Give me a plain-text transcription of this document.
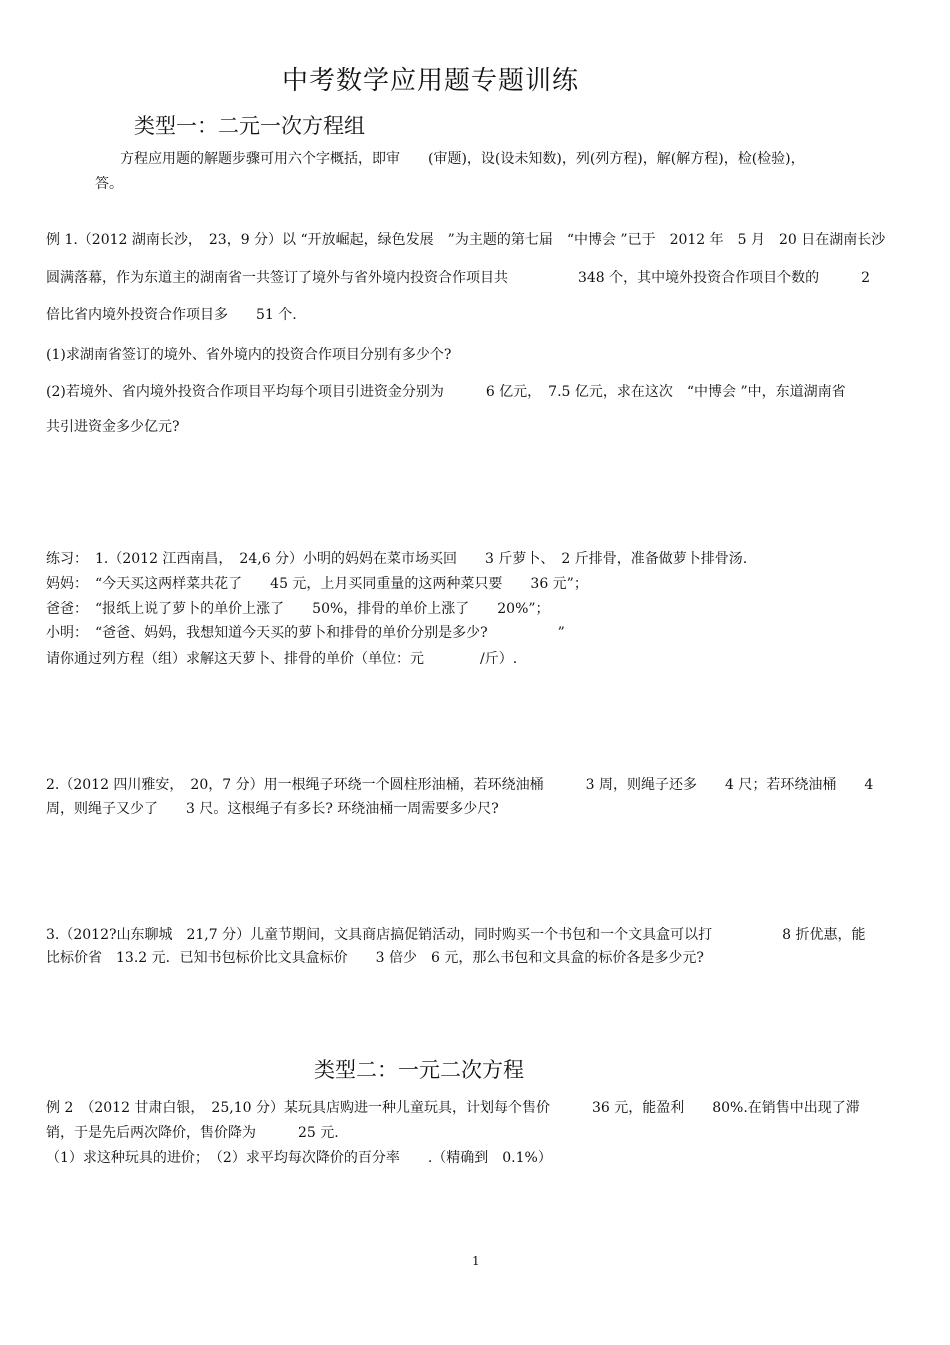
中考数学应用题专题训练
类型一：二元一次方程组
方程应用题的解题步骤可用六个字概括，即审　　(审题)，设(设未知数)，列(列方程)，解(解方程)，检(检验)，
答。
例 1.（2012 湖南长沙，　23，9 分）以 “开放崛起，绿色发展　”为主题的第七届　“中博会 ”已于　2012 年　5 月　20 日在湖南长沙
圆满落幕，作为东道主的湖南省一共签订了境外与省外境内投资合作项目共　　　　　348 个，其中境外投资合作项目个数的　　　2
倍比省内境外投资合作项目多　　51 个.
(1)求湖南省签订的境外、省外境内的投资合作项目分别有多少个?
(2)若境外、省内境外投资合作项目平均每个项目引进资金分别为　　　6 亿元，　7.5 亿元，求在这次　“中博会 ”中，东道湖南省
共引进资金多少亿元?
练习：　1.（2012 江西南昌，　24,6 分）小明的妈妈在菜市场买回　　3 斤萝卜、　2 斤排骨，准备做萝卜排骨汤.
妈妈：　“今天买这两样菜共花了　　45 元，上月买同重量的这两种菜只要　　36 元”；
爸爸：　“报纸上说了萝卜的单价上涨了　　50%，排骨的单价上涨了　　20%”；
小明：　“爸爸、妈妈，我想知道今天买的萝卜和排骨的单价分别是多少?　　　　　”
请你通过列方程（组）求解这天萝卜、排骨的单价（单位：元　　　　/斤）.
2.（2012 四川雅安，　20，7 分）用一根绳子环绕一个圆柱形油桶，若环绕油桶　　　3 周，则绳子还多　　4 尺；若环绕油桶　　4
周，则绳子又少了　　3 尺。这根绳子有多长? 环绕油桶一周需要多少尺?
3.（2012?山东聊城　21,7 分）儿童节期间，文具商店搞促销活动，同时购买一个书包和一个文具盒可以打　　　　　8 折优惠，能
比标价省　13.2 元．已知书包标价比文具盒标价　　3 倍少　6 元，那么书包和文具盒的标价各是多少元?
类型二：一元二次方程
例 2　（2012 甘肃白银，　25,10 分）某玩具店购进一种儿童玩具，计划每个售价　　　36 元，能盈利　　80%.在销售中出现了滞
销，于是先后两次降价，售价降为　　　25 元.
（1）求这种玩具的进价；　（2）求平均每次降价的百分率　　.（精确到　0.1%）
1
